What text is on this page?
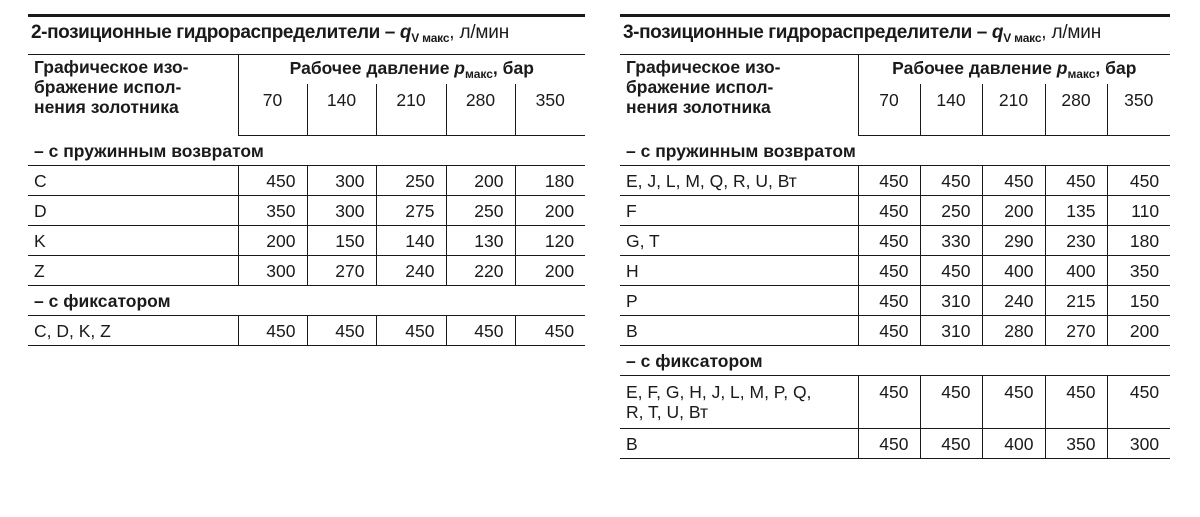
2-позиционные гидрораспределители – $q_{V макс}$, л/мин					

Графическое изо-
бражение испол-
нения золотника	Рабочее давление $p_{макс}$, бар				
	70	140	210	280	350
– с пружинным возвратом					
C	450	300	250	200	180
D	350	300	275	250	200
K	200	150	140	130	120
Z	300	270	240	220	200
– с фиксатором					
C, D, K, Z	450	450	450	450	450
3-позиционные гидрораспределители – $q_{V макс}$, л/мин					

Графическое изо-
бражение испол-
нения золотника	Рабочее давление $p_{макс}$, бар				
	70	140	210	280	350
– с пружинным возвратом					
E, J, L, M, Q, R, U, Вт	450	450	450	450	450
F	450	250	200	135	110
G, T	450	330	290	230	180
H	450	450	400	400	350
P	450	310	240	215	150
B	450	310	280	270	200
– с фиксатором					

E, F, G, H, J, L, M, P, Q,
R, T, U, Вт	450	450	450	450	450
B	450	450	400	350	300
